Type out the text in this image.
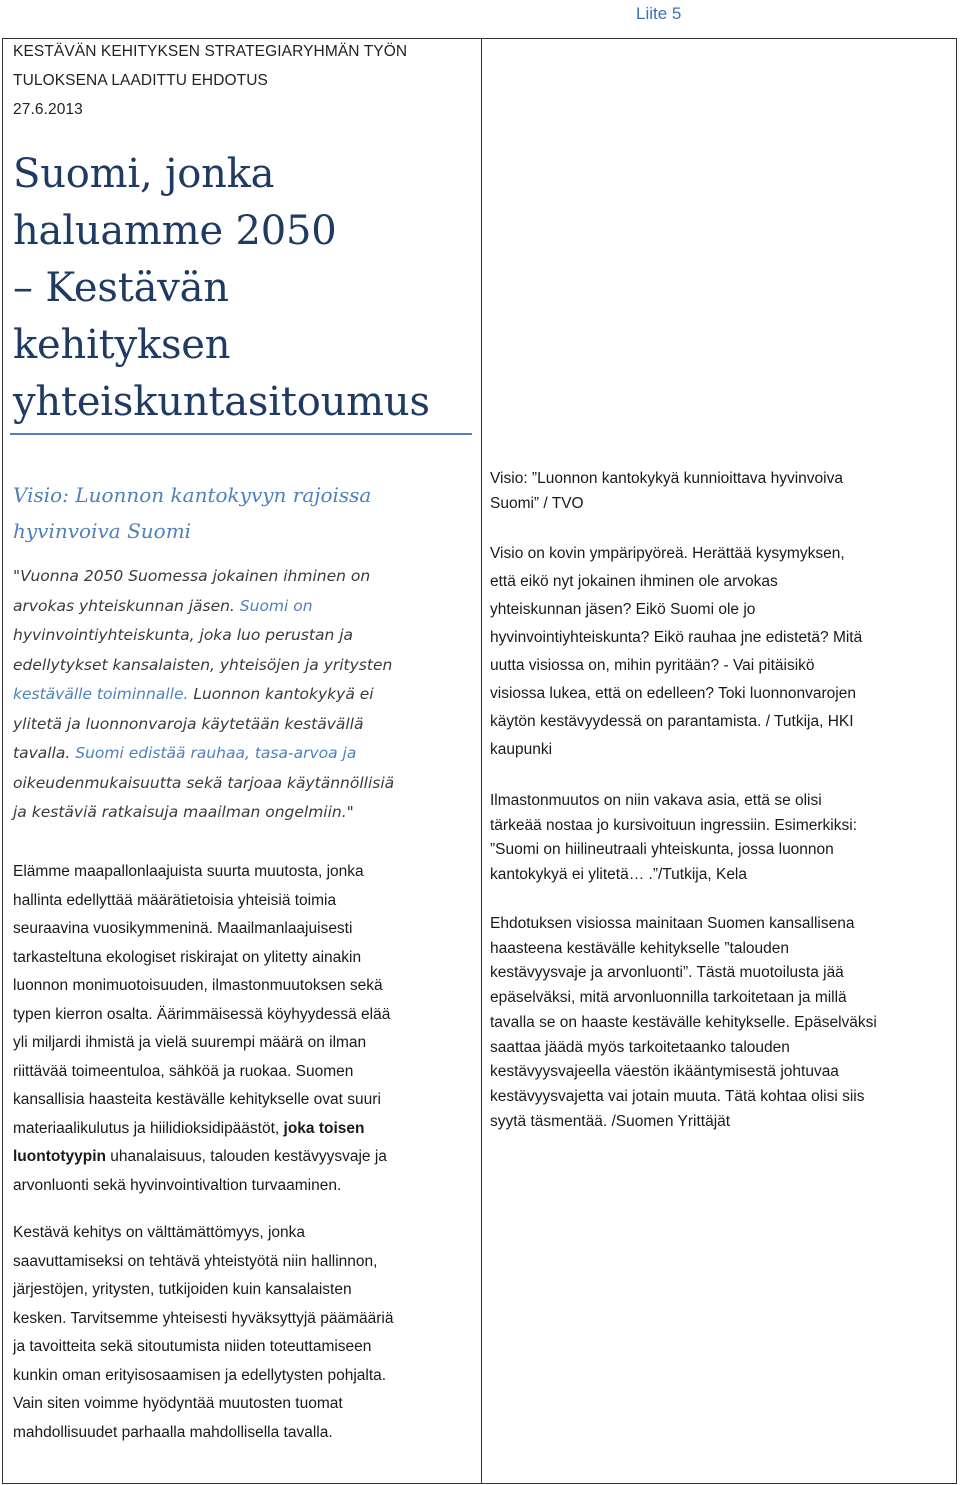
Liite 5
KESTÄVÄN KEHITYKSEN STRATEGIARYHMÄN TYÖN
TULOKSENA LAADITTU EHDOTUS
27.6.2013
Suomi, jonka
haluamme 2050
– Kestävän
kehityksen
yhteiskuntasitoumus
Visio: Luonnon kantokyvyn rajoissa
hyvinvoiva Suomi
"Vuonna 2050 Suomessa jokainen ihminen on
arvokas yhteiskunnan jäsen. Suomi on
hyvinvointiyhteiskunta, joka luo perustan ja
edellytykset kansalaisten, yhteisöjen ja yritysten
kestävälle toiminnalle. Luonnon kantokykyä ei
ylitetä ja luonnonvaroja käytetään kestävällä
tavalla. Suomi edistää rauhaa, tasa-arvoa ja
oikeudenmukaisuutta sekä tarjoaa käytännöllisiä
ja kestäviä ratkaisuja maailman ongelmiin."
Elämme maapallonlaajuista suurta muutosta, jonka
hallinta edellyttää määrätietoisia yhteisiä toimia
seuraavina vuosikymmeninä. Maailmanlaajuisesti
tarkasteltuna ekologiset riskirajat on ylitetty ainakin
luonnon monimuotoisuuden, ilmastonmuutoksen sekä
typen kierron osalta. Äärimmäisessä köyhyydessä elää
yli miljardi ihmistä ja vielä suurempi määrä on ilman
riittävää toimeentuloa, sähköä ja ruokaa. Suomen
kansallisia haasteita kestävälle kehitykselle ovat suuri
materiaalikulutus ja hiilidioksidipäästöt, joka toisen
luontotyypin uhanalaisuus, talouden kestävyysvaje ja
arvonluonti sekä hyvinvointivaltion turvaaminen.
Kestävä kehitys on välttämättömyys, jonka
saavuttamiseksi on tehtävä yhteistyötä niin hallinnon,
järjestöjen, yritysten, tutkijoiden kuin kansalaisten
kesken. Tarvitsemme yhteisesti hyväksyttyjä päämääriä
ja tavoitteita sekä sitoutumista niiden toteuttamiseen
kunkin oman erityisosaamisen ja edellytysten pohjalta.
Vain siten voimme hyödyntää muutosten tuomat
mahdollisuudet parhaalla mahdollisella tavalla.
Visio: ”Luonnon kantokykyä kunnioittava hyvinvoiva
Suomi” / TVO
Visio on kovin ympäripyöreä. Herättää kysymyksen,
että eikö nyt jokainen ihminen ole arvokas
yhteiskunnan jäsen? Eikö Suomi ole jo
hyvinvointiyhteiskunta? Eikö rauhaa jne edistetä? Mitä
uutta visiossa on, mihin pyritään? - Vai pitäisikö
visiossa lukea, että on edelleen? Toki luonnonvarojen
käytön kestävyydessä on parantamista. / Tutkija, HKI
kaupunki
Ilmastonmuutos on niin vakava asia, että se olisi
tärkeää nostaa jo kursivoituun ingressiin. Esimerkiksi:
”Suomi on hiilineutraali yhteiskunta, jossa luonnon
kantokykyä ei ylitetä… .”/Tutkija, Kela
Ehdotuksen visiossa mainitaan Suomen kansallisena
haasteena kestävälle kehitykselle ”talouden
kestävyysvaje ja arvonluonti”. Tästä muotoilusta jää
epäselväksi, mitä arvonluonnilla tarkoitetaan ja millä
tavalla se on haaste kestävälle kehitykselle. Epäselväksi
saattaa jäädä myös tarkoitetaanko talouden
kestävyysvajeella väestön ikääntymisestä johtuvaa
kestävyysvajetta vai jotain muuta. Tätä kohtaa olisi siis
syytä täsmentää. /Suomen Yrittäjät
